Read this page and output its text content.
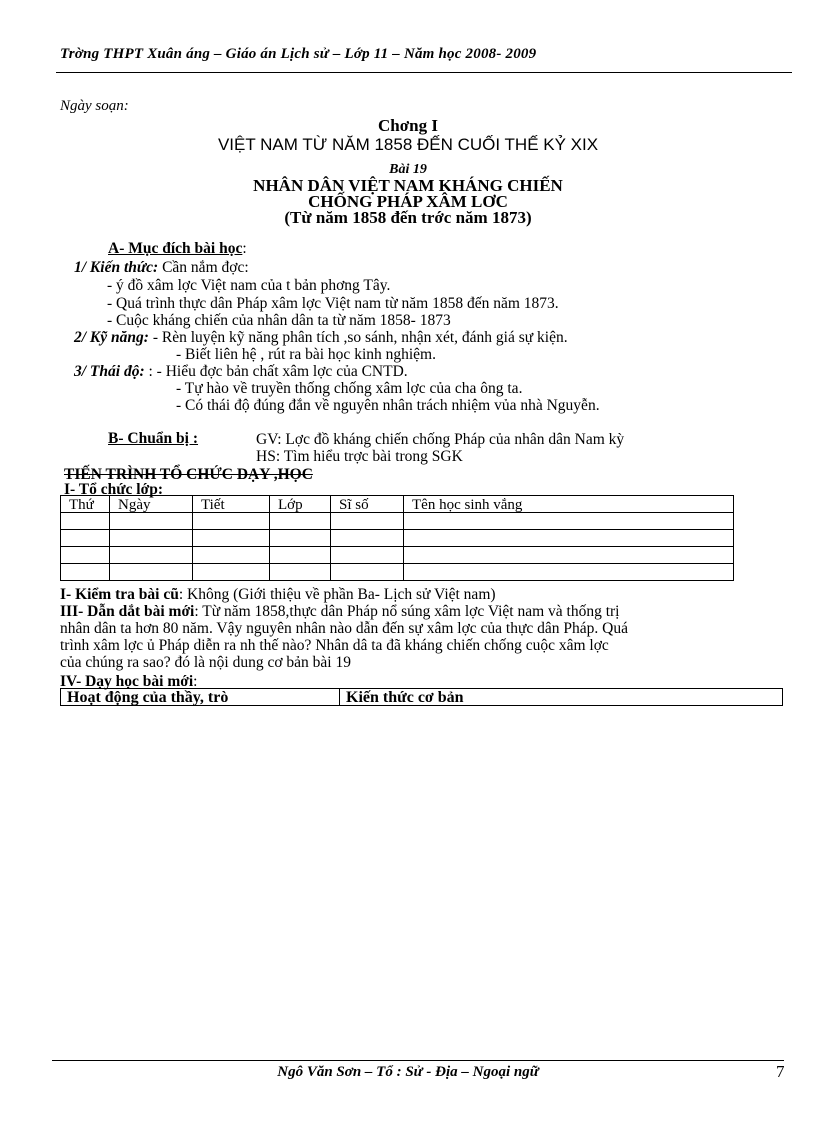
Trờng THPT Xuân áng – Giáo án Lịch sử – Lớp 11 – Năm học 2008- 2009
Ngày soạn:
Chơng I
VIỆT NAM TỪ NĂM 1858 ĐẾN CUỐI THẾ KỶ XIX
Bài 19
NHÂN DÂN VIỆT NAM KHÁNG CHIẾN
CHỐNG PHÁP XÂM LƠC
(Từ năm 1858 đến trớc năm 1873)
A- Mục đích bài học:
1/ Kiến thức: Cần nắm đợc:
- ý đồ xâm lợc Việt nam của t bản phơng Tây.
- Quá trình thực dân Pháp xâm lợc Việt nam từ năm 1858 đến năm 1873.
- Cuộc kháng chiến của nhân dân ta từ năm 1858- 1873
2/ Kỹ năng: - Rèn luyện kỹ năng phân tích ,so sánh, nhận xét, đánh giá sự kiện.
- Biết liên hệ , rút ra bài học kinh nghiệm.
3/ Thái độ: : - Hiểu đợc bản chất xâm lợc của CNTD.
- Tự hào về truyền thống chống xâm lợc của cha ông ta.
- Có thái độ đúng đắn về nguyên nhân trách nhiệm vủa nhà Nguyễn.
B- Chuẩn bị :	GV: Lợc đồ kháng chiến chống Pháp của nhân dân Nam kỳ
HS: Tìm hiểu trợc bài trong SGK
TIẾN TRÌNH TỔ CHỨC DẠY ,HỌC
I- Tổ chức lớp:
Thứ	Ngày	Tiết	Lớp	Sĩ số	Tên học sinh vắng

I- Kiểm tra bài cũ: Không (Giới thiệu về phần Ba- Lịch sử Việt nam)
III- Dẫn dắt bài mới: Từ năm 1858,thực dân Pháp nổ súng xâm lợc Việt nam và thống trị
nhân dân ta hơn 80 năm. Vậy nguyên nhân nào dẫn đến sự xâm lợc của thực dân Pháp. Quá
trình xâm lợc ủ Pháp diễn ra nh thế nào? Nhân dâ ta đã kháng chiến chống cuộc xâm lợc
của chúng ra sao? đó là nội dung cơ bản bài 19
IV- Dạy học bài mới:
Hoạt động của thầy, trò	Kiến thức cơ bản
Ngô Văn Sơn – Tổ : Sử - Địa – Ngoại ngữ	7
